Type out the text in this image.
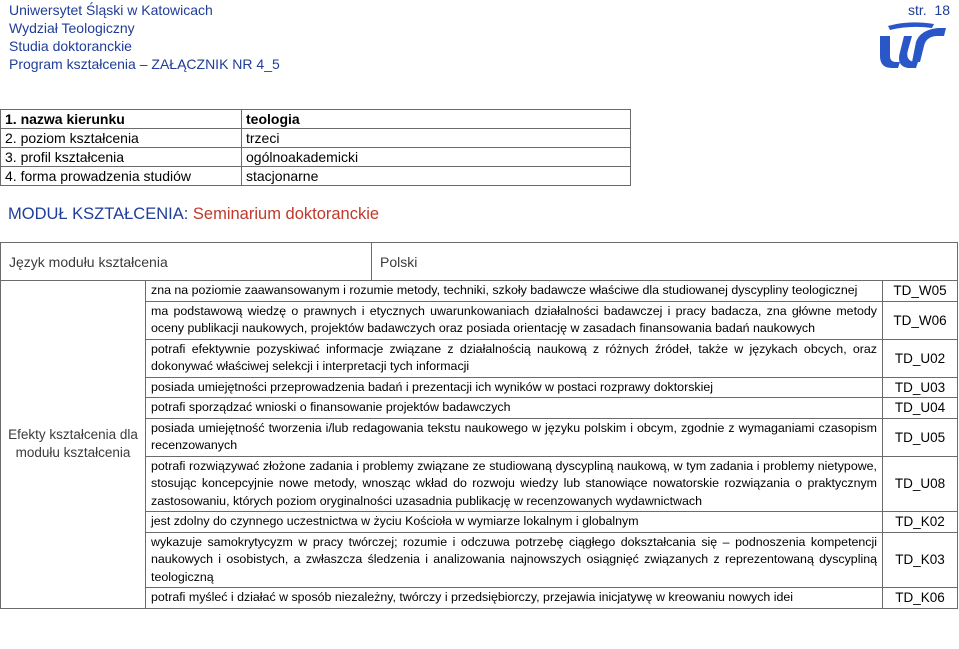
Uniwersytet Śląski w Katowicach
Wydział Teologiczny
Studia doktoranckie
Program kształcenia – ZAŁĄCZNIK NR 4_5
str. 18
1. nazwa kierunku	teologia
2. poziom kształcenia	trzeci
3. profil kształcenia	ogólnoakademicki
4. forma prowadzenia studiów	stacjonarne
MODUŁ KSZTAŁCENIA: Seminarium doktoranckie
Język modułu kształcenia	Polski
Efekty kształcenia dla modułu kształcenia	zna na poziomie zaawansowanym i rozumie metody, techniki, szkoły badawcze właściwe dla studiowanej dyscypliny teologicznej	TD_W05
	ma podstawową wiedzę o prawnych i etycznych uwarunkowaniach działalności badawczej i pracy badacza, zna główne metody oceny publikacji naukowych, projektów badawczych oraz posiada orientację w zasadach finansowania badań naukowych	TD_W06
	potrafi efektywnie pozyskiwać informacje związane z działalnością naukową z różnych źródeł, także w językach obcych, oraz dokonywać właściwej selekcji i interpretacji tych informacji	TD_U02
	posiada umiejętności przeprowadzenia badań i prezentacji ich wyników w postaci rozprawy doktorskiej	TD_U03
	potrafi sporządzać wnioski o finansowanie projektów badawczych	TD_U04
	posiada umiejętność tworzenia i/lub redagowania tekstu naukowego w języku polskim i obcym, zgodnie z wymaganiami czasopism recenzowanych	TD_U05
	potrafi rozwiązywać złożone zadania i problemy związane ze studiowaną dyscypliną naukową, w tym zadania i problemy nietypowe, stosując koncepcyjnie nowe metody, wnosząc wkład do rozwoju wiedzy lub stanowiące nowatorskie rozwiązania o praktycznym zastosowaniu, których poziom oryginalności uzasadnia publikację w recenzowanych wydawnictwach	TD_U08
	jest zdolny do czynnego uczestnictwa w życiu Kościoła w wymiarze lokalnym i globalnym	TD_K02
	wykazuje samokrytycyzm w pracy twórczej; rozumie i odczuwa potrzebę ciągłego dokształcania się – podnoszenia kompetencji naukowych i osobistych, a zwłaszcza śledzenia i analizowania najnowszych osiągnięć związanych z reprezentowaną dyscypliną teologiczną	TD_K03
	potrafi myśleć i działać w sposób niezależny, twórczy i przedsiębiorczy, przejawia inicjatywę w kreowaniu nowych idei	TD_K06
